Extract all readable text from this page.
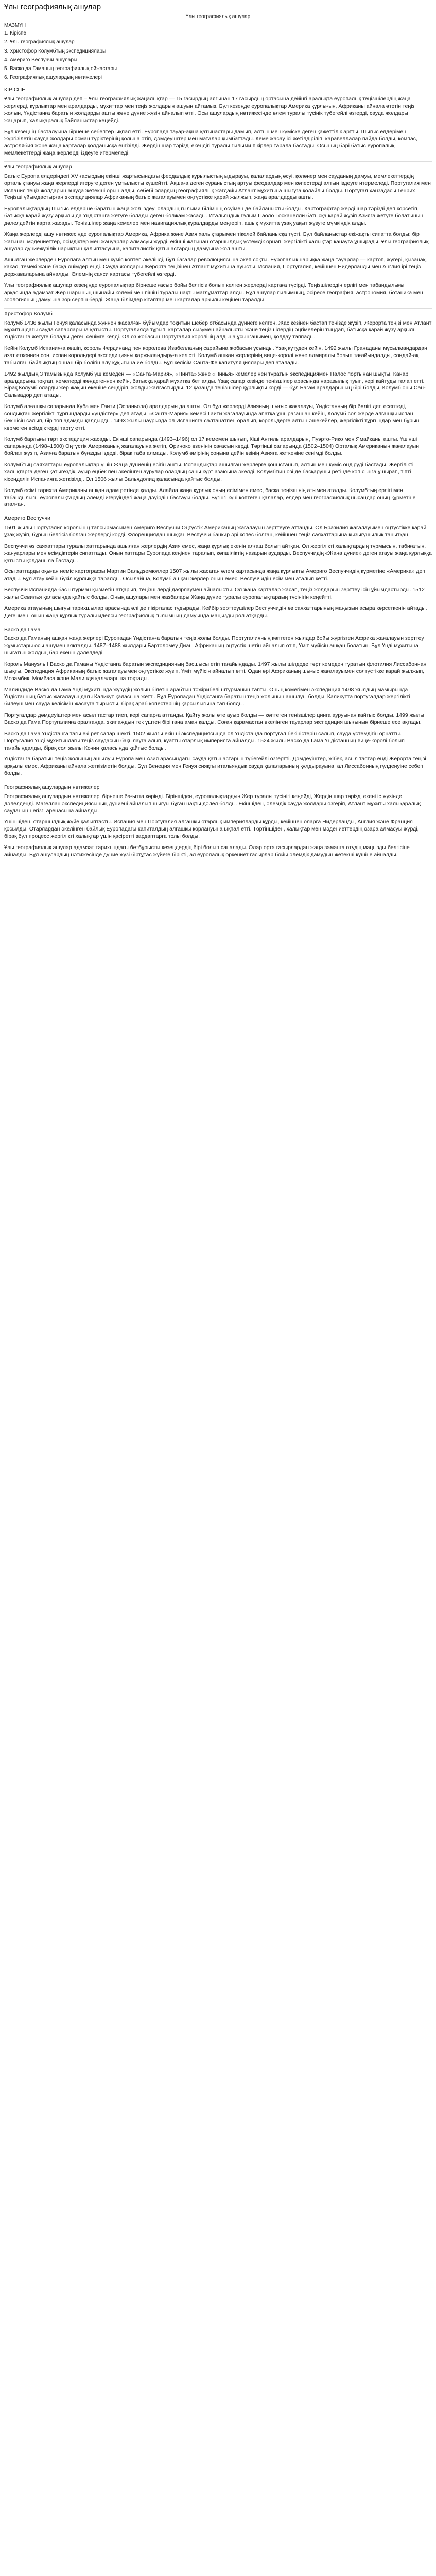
Ұлы географиялық ашулар
Ұлы географиялық ашулар
МАЗМҰН
1. Кіріспе
2. Ұлы географиялық ашулар
3. Христофор Колумбтың экспедициялары
4. Америго Веспуччи ашулары
5. Васко да Гаманың географиялық ойжастары
6. Географиялық ашулардың нәтижелері
КІРІСПЕ

Ұлы географиялық ашулар деп – Ұлы географиялық жаңалықтар — 15 ғасырдың аяғынан 17 ғасырдың ортасына дейінгі аралықта еуропалық теңізшілердің жаңа жерлерді, құрлықтар мен аралдарды, мұхиттар мен теңіз жолдарын ашуын айтамыз. Бұл кезеңде еуропалықтар Америка құрлығын, Африканы айнала өтетін теңіз жолын, Үндістанға баратын жолдарды ашты және дүние жүзін айналып өтті. Осы ашулардың нәтижесінде әлем туралы түсінік түбегейлі өзгерді, сауда жолдары жаңарып, халықаралық байланыстар кеңейді.

Бұл кезеңнің басталуына бірнеше себептер ықпал етті. Еуропада тауар-ақша қатынастары дамып, алтын мен күміске деген қажеттілік артты. Шығыс елдерімен жүргізілетін сауда жолдары осман түріктерінің қолына өтіп, дәмдеуіштер мен маталар қымбаттады. Кеме жасау ісі жетілдіріліп, каравеллалар пайда болды, компас, астролябия және жаңа карталар қолданысқа енгізілді. Жердің шар тәрізді екендігі туралы ғылыми пікірлер тарала бастады. Осының бәрі батыс еуропалық мемлекеттерді жаңа жерлерді іздеуге итермеледі.

Ұлы географиялық ашулар

Батыс Еуропа елдеріндегі XV ғасырдың екінші жартысындағы феодалдық құрылыстың ыдырауы, қалалардың өсуі, қолөнер мен сауданың дамуы, мемлекеттердің орталықтануы жаңа жерлерді игеруге деген ұмтылысты күшейтті. Ақшаға деген сұраныстың артуы феодалдар мен көпестерді алтын іздеуге итермеледі. Португалия мен Испания теңіз жолдарын ашуда жетекші орын алды, себебі олардың географиялық жағдайы Атлант мұхитына шығуға қолайлы болды. Португал ханзадасы Генрих Теңізші ұйымдастырған экспедициялар Африканың батыс жағалауымен оңтүстікке қарай жылжып, жаңа аралдарды ашты.

Еуропалықтардың Шығыс елдеріне баратын жаңа жол іздеуі олардың ғылыми білімінің өсуімен де байланысты болды. Картографтар жерді шар тәрізді деп көрсетіп, батысқа қарай жүзу арқылы да Үндістанға жетуге болады деген болжам жасады. Итальяндық ғалым Паоло Тосканелли батысқа қарай жүзіп Азияға жетуге болатынын дәлелдейтін карта жасады. Теңізшілер жаңа кемелер мен навигациялық құралдарды меңгеріп, ашық мұхитта ұзақ уақыт жүзуге мүмкіндік алды.

Жаңа жерлерді ашу нәтижесінде еуропалықтар Америка, Африка және Азия халықтарымен тікелей байланысқа түсті. Бұл байланыстар екіжақты сипатта болды: бір жағынан мәдениеттер, өсімдіктер мен жануарлар алмасуы жүрді, екінші жағынан отаршылдық үстемдік орнап, жергілікті халықтар қанауға ұшырады. Ұлы географиялық ашулар дүниежүзілік нарықтың қалыптасуына, капиталистік қатынастардың дамуына жол ашты.

Ашылған жерлерден Еуропаға алтын мен күміс көптеп әкелінді, бұл бағалар революциясына әкеп соқты. Еуропалық нарыққа жаңа тауарлар — картоп, жүгері, қызанақ, какао, темекі және басқа өнімдер енді. Сауда жолдары Жерорта теңізінен Атлант мұхитына ауысты. Испания, Португалия, кейіннен Нидерланды мен Англия ірі теңіз державаларына айналды. Әлемнің саяси картасы түбегейлі өзгерді.

Ұлы географиялық ашулар кезеңінде еуропалықтар бірнеше ғасыр бойы белгісіз болып келген жерлерді картаға түсірді. Теңізшілердің ерлігі мен табандылығы арқасында адамзат Жер шарының шынайы көлемі мен пішіні туралы нақты мағлұматтар алды. Бұл ашулар ғылымның, әсіресе география, астрономия, ботаника мен зоологияның дамуына зор серпін берді. Жаңа білімдер кітаптар мен карталар арқылы кеңінен таралды.

Христофор Колумб

Колумб 1436 жылы Генуя қаласында жүннен жасалған бұйымдар тоқитын шебер отбасында дүниеге келген. Жас кезінен бастап теңізде жүзіп, Жерорта теңізі мен Атлант мұхитындағы сауда сапарларына қатысты. Португалияда тұрып, карталар сызумен айналысты және теңізшілердің әңгімелерін тыңдап, батысқа қарай жүзу арқылы Үндістанға жетуге болады деген сенімге келді. Ол өз жобасын Португалия королінің алдына ұсынғанымен, қолдау таппады.

Кейін Колумб Испанияға көшіп, король Фердинанд пен королева Изабелланың сарайына жобасын ұсынды. Ұзақ күтуден кейін, 1492 жылы Гранаданы мұсылмандардан азат еткеннен соң, испан корольдері экспедицияны қаржыландыруға келісті. Колумб ашқан жерлерінің вице-королі және адмиралы болып тағайындалды, сондай-ақ табылған байлықтың оннан бір бөлігін алу құқығына ие болды. Бұл келісім Санта-Фе капитуляциялары деп аталады.

1492 жылдың 3 тамызында Колумб үш кемеден — «Санта-Мария», «Пинта» және «Нинья» кемелерінен тұратын экспедициямен Палос портынан шықты. Канар аралдарына тоқтап, кемелерді жөндегеннен кейін, батысқа қарай мұхитқа бет алды. Ұзақ сапар кезінде теңізшілер арасында наразылық туып, кері қайтуды талап етті. Бірақ Колумб оларды жер жақын екеніне сендіріп, жолды жалғастырды. 12 қазанда теңізшілер құрлықты көрді — бұл Багам аралдарының бірі болды, Колумб оны Сан-Сальвадор деп атады.

Колумб алғашқы сапарында Куба мен Гаити (Эспаньола) аралдарын да ашты. Ол бұл жерлерді Азияның шығыс жағалауы, Үндістанның бір бөлігі деп есептеді, сондықтан жергілікті тұрғындарды «үндістер» деп атады. «Санта-Мария» кемесі Гаити жағалауында апатқа ұшырағаннан кейін, Колумб сол жерде алғашқы испан бекінісін салып, бір топ адамды қалдырды. 1493 жылы наурызда ол Испанияға салтанатпен оралып, корольдерге алтын әшекейлер, жергілікті тұрғындар мен бұрын көрмеген өсімдіктерді тарту етті.

Колумб барлығы төрт экспедиция жасады. Екінші сапарында (1493–1496) ол 17 кемемен шығып, Кіші Антиль аралдарын, Пуэрто-Рико мен Ямайканы ашты. Үшінші сапарында (1498–1500) Оңтүстік Американың жағалауына жетіп, Ориноко өзенінің сағасын көрді. Төртінші сапарында (1502–1504) Орталық Американың жағалауын бойлап жүзіп, Азияға баратын бұғазды іздеді, бірақ таба алмады. Колумб өмірінің соңына дейін өзінің Азияға жеткеніне сенімді болды.

Колумбтың саяхаттары еуропалықтар үшін Жаңа дүниенің есігін ашты. Испандықтар ашылған жерлерге қоныстанып, алтын мен күміс өндіруді бастады. Жергілікті халықтарға деген қатыгездік, ауыр еңбек пен әкелінген аурулар олардың саны күрт азаюына әкелді. Колумбтың өзі де басқарушы ретінде көп сынға ұшырап, тіпті кісенделіп Испанияға жеткізілді. Ол 1506 жылы Вальядолид қаласында қайтыс болды.

Колумб есімі тарихта Американы ашқан адам ретінде қалды. Алайда жаңа құрлық оның есімімен емес, басқа теңізшінің атымен аталды. Колумбтың ерлігі мен табандылығы еуропалықтардың әлемді игеруіндегі жаңа дәуірдің бастауы болды. Бүгінгі күні көптеген қалалар, елдер мен географиялық нысандар оның құрметіне аталған.

Америго Веспуччи

1501 жылы Португалия корольінің тапсырмасымен Америго Веспуччи Оңтүстік Американың жағалауын зерттеуге аттанды. Ол Бразилия жағалауымен оңтүстікке қарай ұзақ жүзіп, бұрын белгісіз болған жерлерді көрді. Флоренциядан шыққан Веспуччи банкир әрі көпес болған, кейіннен теңіз саяхаттарына қызығушылық танытқан.

Веспуччи өз саяхаттары туралы хаттарында ашылған жерлердің Азия емес, жаңа құрлық екенін алғаш болып айтқан. Ол жергілікті халықтардың тұрмысын, табиғатын, жануарлары мен өсімдіктерін сипаттады. Оның хаттары Еуропада кеңінен таралып, көпшіліктің назарын аударды. Веспуччидің «Жаңа дүние» деген атауы жаңа құрлыққа қатысты қолданыла бастады.

Осы хаттарды оқыған неміс картографы Мартин Вальдземюллер 1507 жылы жасаған әлем картасында жаңа құрлықты Америго Веспуччидің құрметіне «Америка» деп атады. Бұл атау кейін бүкіл құрлыққа таралды. Осылайша, Колумб ашқан жерлер оның емес, Веспуччидің есімімен аталып кетті.

Веспуччи Испанияда бас штурман қызметін атқарып, теңізшілерді даярлаумен айналысты. Ол жаңа карталар жасап, теңіз жолдарын зерттеу ісін ұйымдастырды. 1512 жылы Севилья қаласында қайтыс болды. Оның ашулары мен жазбалары Жаңа дүние туралы еуропалықтардың түсінігін кеңейтті.

Америка атауының шығуы тарихшылар арасында әлі де пікірталас тудырады. Кейбір зерттеушілер Веспуччидің өз саяхаттарының маңызын асыра көрсеткенін айтады. Дегенмен, оның жаңа құрлық туралы идеясы географиялық ғылымның дамуында маңызды рөл атқарды.

Васко да Гама

Васко да Гаманың ашқан жаңа жерлері Еуропадан Үндістанға баратын теңіз жолы болды. Португалияның көптеген жылдар бойы жүргізген Африка жағалауын зерттеу жұмыстары осы ашумен аяқталды. 1487–1488 жылдары Бартоломеу Диаш Африканың оңтүстік шетін айналып өтіп, Үміт мүйісін ашқан болатын. Бұл Үнді мұхитына шығатын жолдың бар екенін дәлелдеді.

Король Мануэль I Васко да Гаманы Үндістанға баратын экспедицияның басшысы етіп тағайындады. 1497 жылы шілдеде төрт кемеден тұратын флотилия Лиссабоннан шықты. Экспедиция Африканың батыс жағалауымен оңтүстікке жүзіп, Үміт мүйісін айналып өтті. Одан әрі Африканың шығыс жағалауымен солтүстікке қарай жылжып, Мозамбик, Момбаса және Малинди қалаларына тоқтады.

Малиндиде Васко да Гама Үнді мұхитында жүзудің жолын білетін арабтың тәжірибелі штурманын тапты. Оның көмегімен экспедиция 1498 жылдың мамырында Үндістанның батыс жағалауындағы Каликут қаласына жетті. Бұл Еуропадан Үндістанға баратын теңіз жолының ашылуы болды. Каликутта португалдар жергілікті билеушімен сауда келісімін жасауға тырысты, бірақ араб көпестерінің қарсылығына тап болды.

Португалдар дәмдеуіштер мен асыл тастар тиеп, кері сапарға аттанды. Қайту жолы өте ауыр болды — көптеген теңізшілер цинга ауруынан қайтыс болды. 1499 жылы Васко да Гама Португалияға оралғанда, экипаждың тек үштен бірі ғана аман қалды. Соған қарамастан әкелінген тауарлар экспедиция шығынын бірнеше есе ақтады.

Васко да Гама Үндістанға тағы екі рет сапар шекті. 1502 жылғы екінші экспедициясында ол Үндістанда португал бекіністерін салып, сауда үстемдігін орнатты. Португалия Үнді мұхитындағы теңіз саудасын бақылауға алып, қуатты отарлық империяға айналды. 1524 жылы Васко да Гама Үндістанның вице-королі болып тағайындалды, бірақ сол жылы Кочин қаласында қайтыс болды.

Үндістанға баратын теңіз жолының ашылуы Еуропа мен Азия арасындағы сауда қатынастарын түбегейлі өзгертті. Дәмдеуіштер, жібек, асыл тастар енді Жерорта теңізі арқылы емес, Африканы айнала жеткізілетін болды. Бұл Венеция мен Генуя сияқты итальяндық сауда қалаларының құлдырауына, ал Лиссабонның гүлденуіне себеп болды.

Географиялық ашулардың нәтижелері

Географиялық ашулардың нәтижелері бірнеше бағытта көрінді. Біріншіден, еуропалықтардың Жер туралы түсінігі кеңейді, Жердің шар тәрізді екені іс жүзінде дәлелденді. Магеллан экспедициясының дүниені айналып шығуы бұған нақты дәлел болды. Екіншіден, әлемдік сауда жолдары өзгеріп, Атлант мұхиты халықаралық сауданың негізгі аренасына айналды.

Үшіншіден, отаршылдық жүйе қалыптасты. Испания мен Португалия алғашқы отарлық империяларды құрды, кейіннен оларға Нидерланды, Англия және Франция қосылды. Отарлардан әкелінген байлық Еуропадағы капиталдың алғашқы қорлануына ықпал етті. Төртіншіден, халықтар мен мәдениеттердің өзара алмасуы жүрді, бірақ бұл процесс жергілікті халықтар үшін қасіретті зардаптарға толы болды.

Ұлы географиялық ашулар адамзат тарихындағы бетбұрысты кезеңдердің бірі болып саналады. Олар орта ғасырлардан жаңа заманға өтудің маңызды белгісіне айналды. Бұл ашулардың нәтижесінде дүние жүзі біртұтас жүйеге бірікті, ал еуропалық өркениет ғасырлар бойы әлемдік дамудың жетекші күшіне айналды.
